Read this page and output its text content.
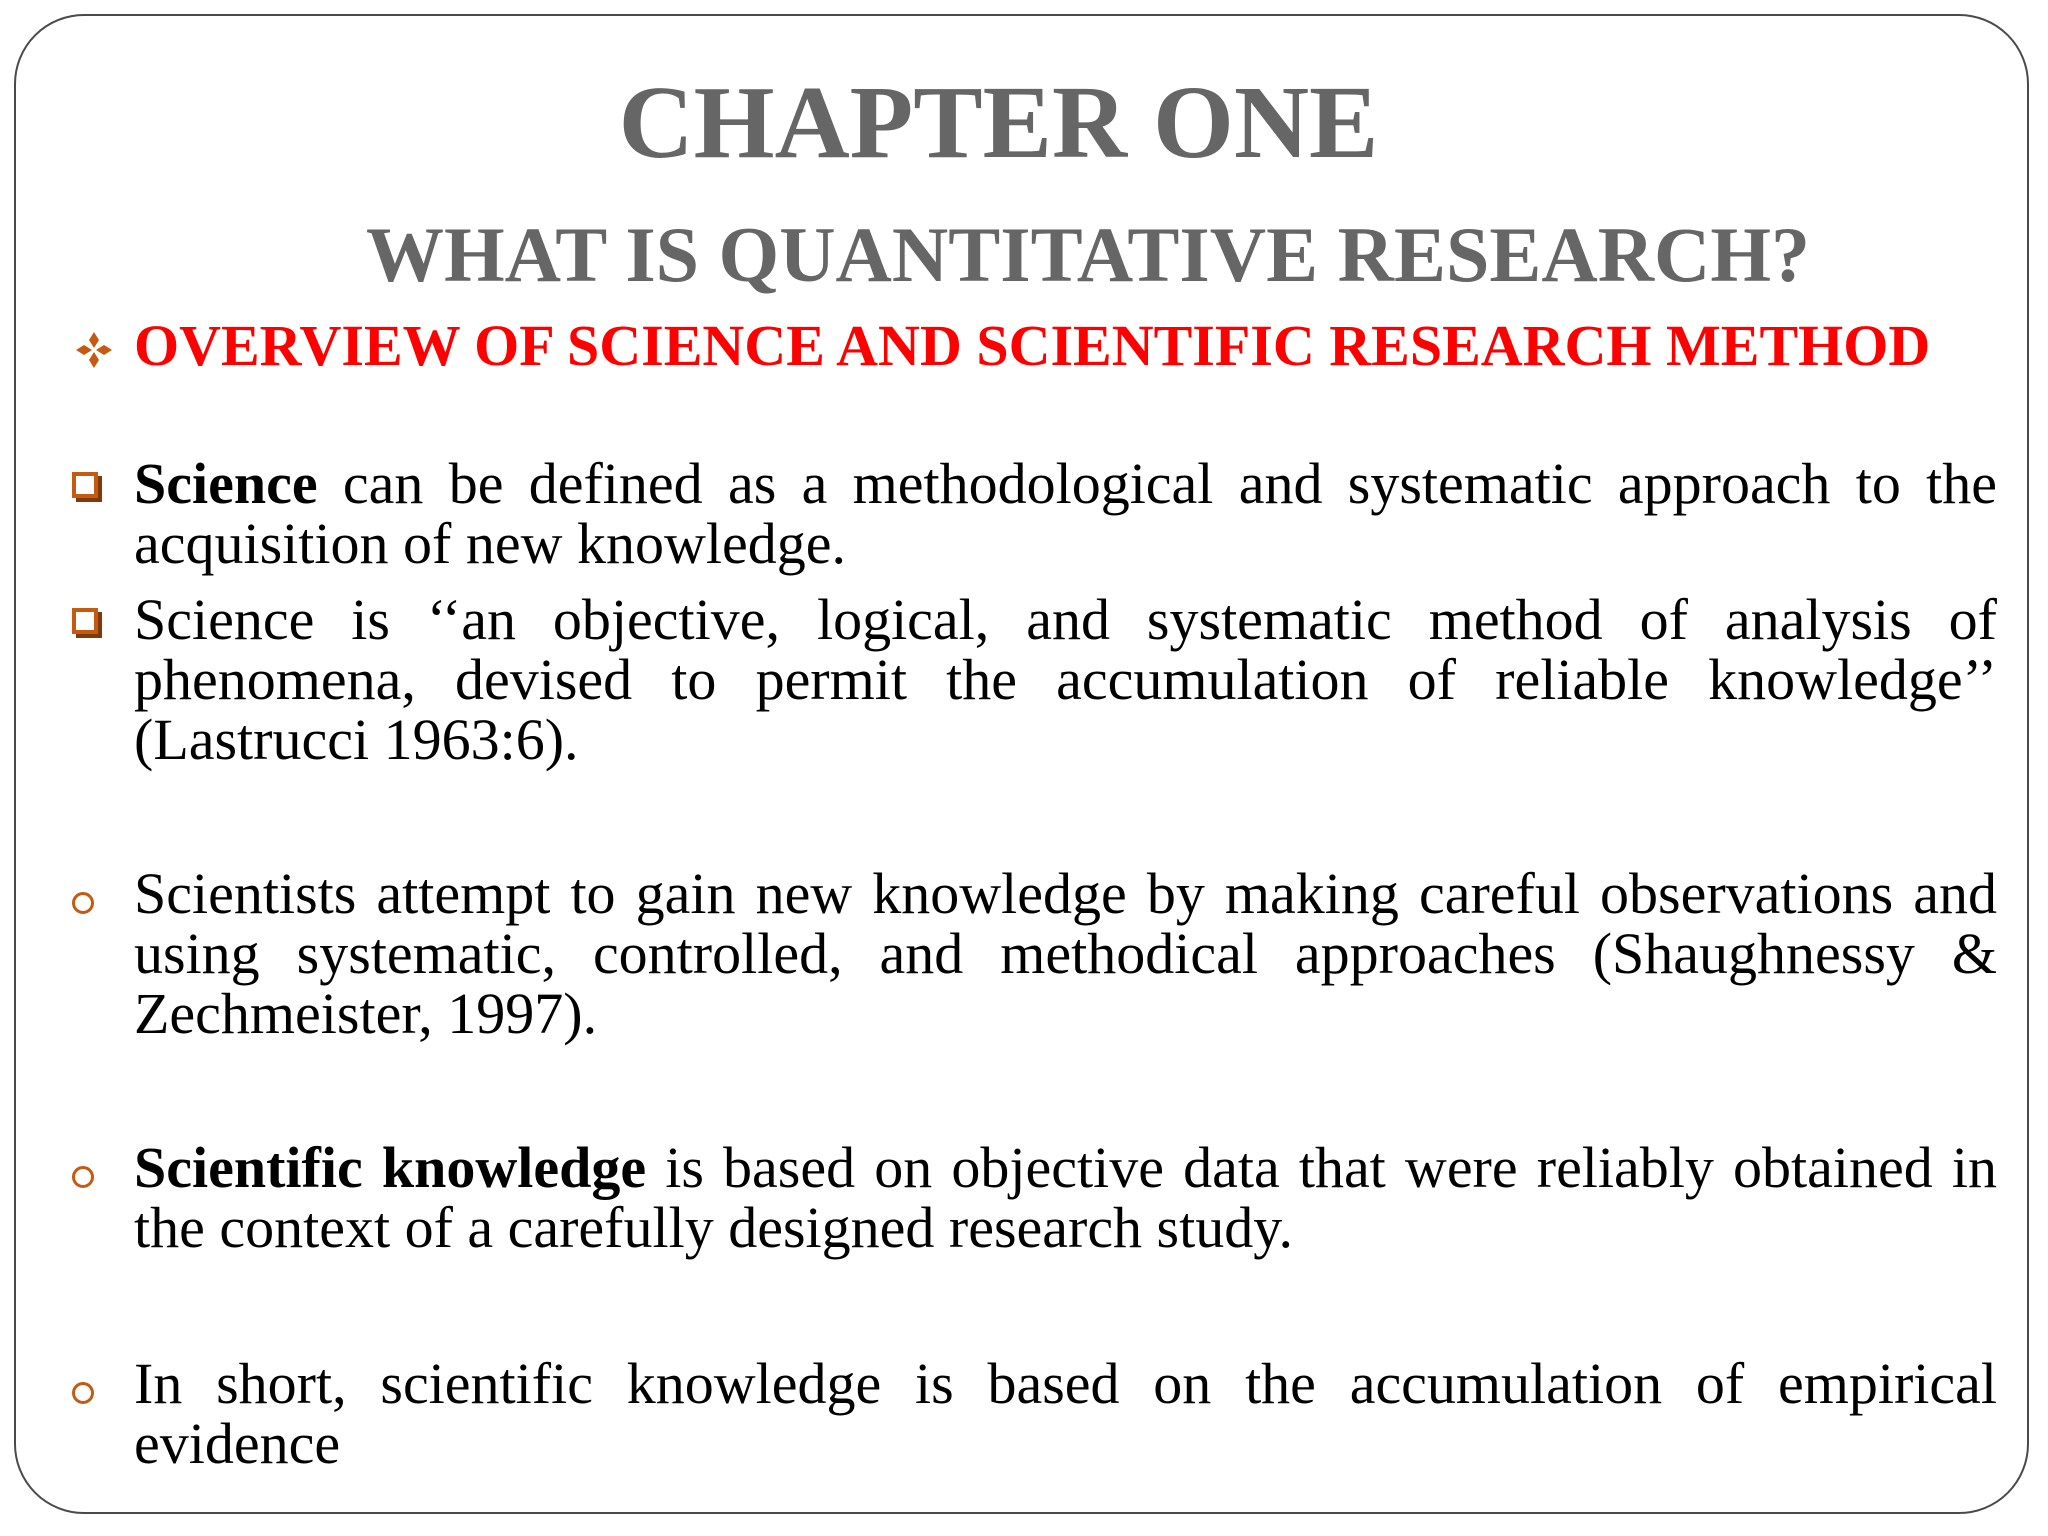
CHAPTER ONE
WHAT IS QUANTITATIVE RESEARCH?
OVERVIEW OF SCIENCE AND SCIENTIFIC RESEARCH METHOD
Science can be defined as a methodological and systematic approach to the acquisition of new knowledge.
Science is ‘‘an objective, logical, and systematic method of analysis of phenomena, devised to permit the accumulation of reliable knowledge’’ (Lastrucci 1963:6).
Scientists attempt to gain new knowledge by making careful observations and using systematic, controlled, and methodical approaches (Shaughnessy & Zechmeister, 1997).
Scientific knowledge is based on objective data that were reliably obtained in the context of a carefully designed research study.
In short, scientific knowledge is based on the accumulation of empirical evidence
